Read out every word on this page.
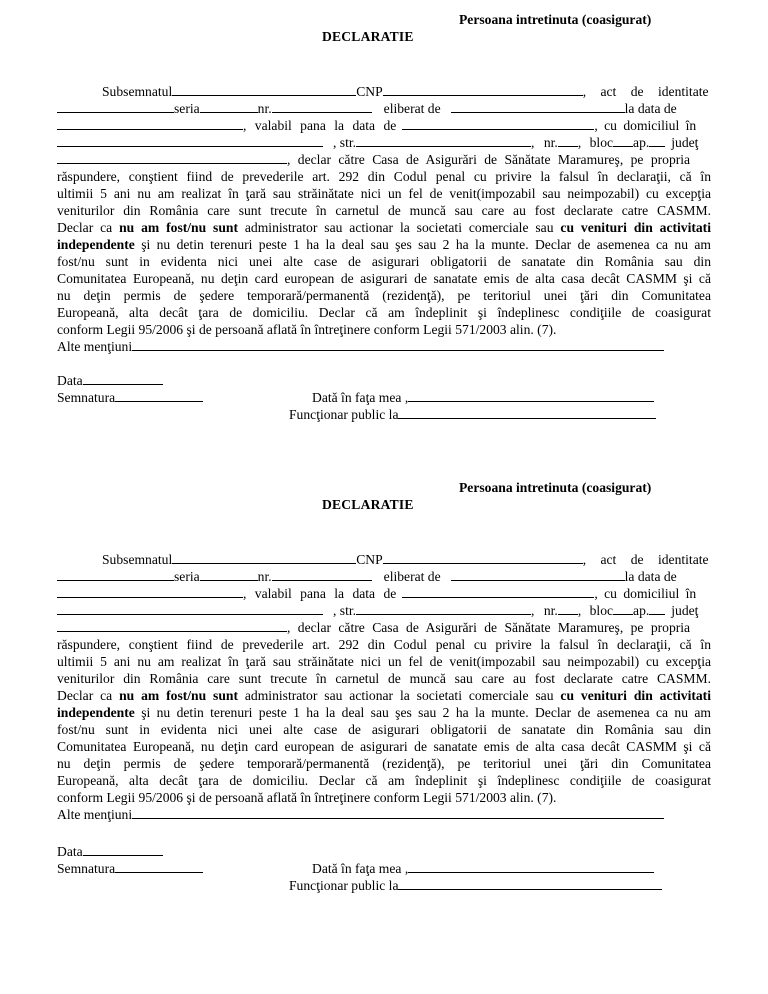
Persoana intretinuta (coasigurat)
DECLARATIE
Subsemnatul	CNP	, act de identitate
seria	nr.	eliberat de	la data de
, valabil pana la data de	, cu domiciliul în
, str.	, nr. , bloc ap. judeţ
, declar către Casa de Asigurări de Sănătate Maramureş, pe propria
răspundere, conştient fiind de prevederile art. 292 din Codul penal cu privire la falsul în declaraţii, că în
ultimii 5 ani nu am realizat în ţară sau străinătate nici un fel de venit(impozabil sau neimpozabil) cu excepţia
veniturilor din România care sunt trecute în carnetul de muncă sau care au fost declarate catre CASMM.
Declar ca nu am fost/nu sunt administrator sau actionar la societati comerciale sau cu venituri din activitati
independente şi nu detin terenuri peste 1 ha la deal sau şes sau 2 ha la munte. Declar de asemenea ca nu am
fost/nu sunt in evidenta nici unei alte case de asigurari obligatorii de sanatate din România sau din
Comunitatea Europeană, nu deţin card european de asigurari de sanatate emis de alta casa decât CASMM şi că
nu deţin permis de şedere temporară/permanentă (rezidenţă), pe teritoriul unei ţări din Comunitatea
Europeană, alta decât ţara de domiciliu. Declar că am îndeplinit şi îndeplinesc condiţiile de coasigurat
conform Legii 95/2006 şi de persoană aflată în întreţinere conform Legii 571/2003 alin. (7).
Alte menţiuni
Data
Semnatura	Dată în faţa mea ,
Funcţionar public la
Persoana intretinuta (coasigurat)
DECLARATIE
Subsemnatul	CNP	, act de identitate
seria	nr.	eliberat de	la data de
, valabil pana la data de	, cu domiciliul în
, str.	, nr. , bloc ap. judeţ
, declar către Casa de Asigurări de Sănătate Maramureş, pe propria
răspundere, conştient fiind de prevederile art. 292 din Codul penal cu privire la falsul în declaraţii, că în
ultimii 5 ani nu am realizat în ţară sau străinătate nici un fel de venit(impozabil sau neimpozabil) cu excepţia
veniturilor din România care sunt trecute în carnetul de muncă sau care au fost declarate catre CASMM.
Declar ca nu am fost/nu sunt administrator sau actionar la societati comerciale sau cu venituri din activitati
independente şi nu detin terenuri peste 1 ha la deal sau şes sau 2 ha la munte. Declar de asemenea ca nu am
fost/nu sunt in evidenta nici unei alte case de asigurari obligatorii de sanatate din România sau din
Comunitatea Europeană, nu deţin card european de asigurari de sanatate emis de alta casa decât CASMM şi că
nu deţin permis de şedere temporară/permanentă (rezidenţă), pe teritoriul unei ţări din Comunitatea
Europeană, alta decât ţara de domiciliu. Declar că am îndeplinit şi îndeplinesc condiţiile de coasigurat
conform Legii 95/2006 şi de persoană aflată în întreţinere conform Legii 571/2003 alin. (7).
Alte menţiuni
Data
Semnatura	Dată în faţa mea ,
Funcţionar public la
